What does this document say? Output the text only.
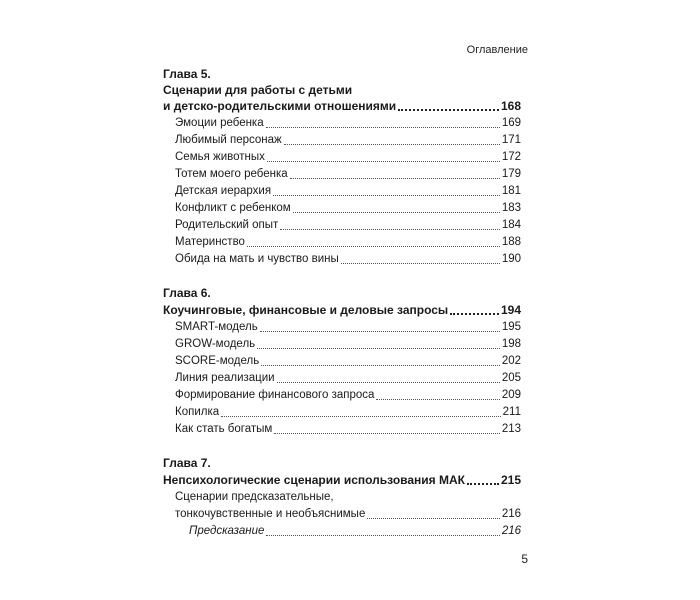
Оглавление
Глава 5.
Сценарии для работы с детьми
и детско-родительскими отношениями	168
Эмоции ребенка	169
Любимый персонаж	171
Семья животных	172
Тотем моего ребенка	179
Детская иерархия	181
Конфликт с ребенком	183
Родительский опыт	184
Материнство	188
Обида на мать и чувство вины	190
Глава 6.
Коучинговые, финансовые и деловые запросы	194
SMART-модель	195
GROW-модель	198
SCORE-модель	202
Линия реализации	205
Формирование финансового запроса	209
Копилка	211
Как стать богатым	213
Глава 7.
Непсихологические сценарии использования МАК	215
Сценарии предсказательные,
тонкочувственные и необъяснимые	216
Предсказание	216
5
